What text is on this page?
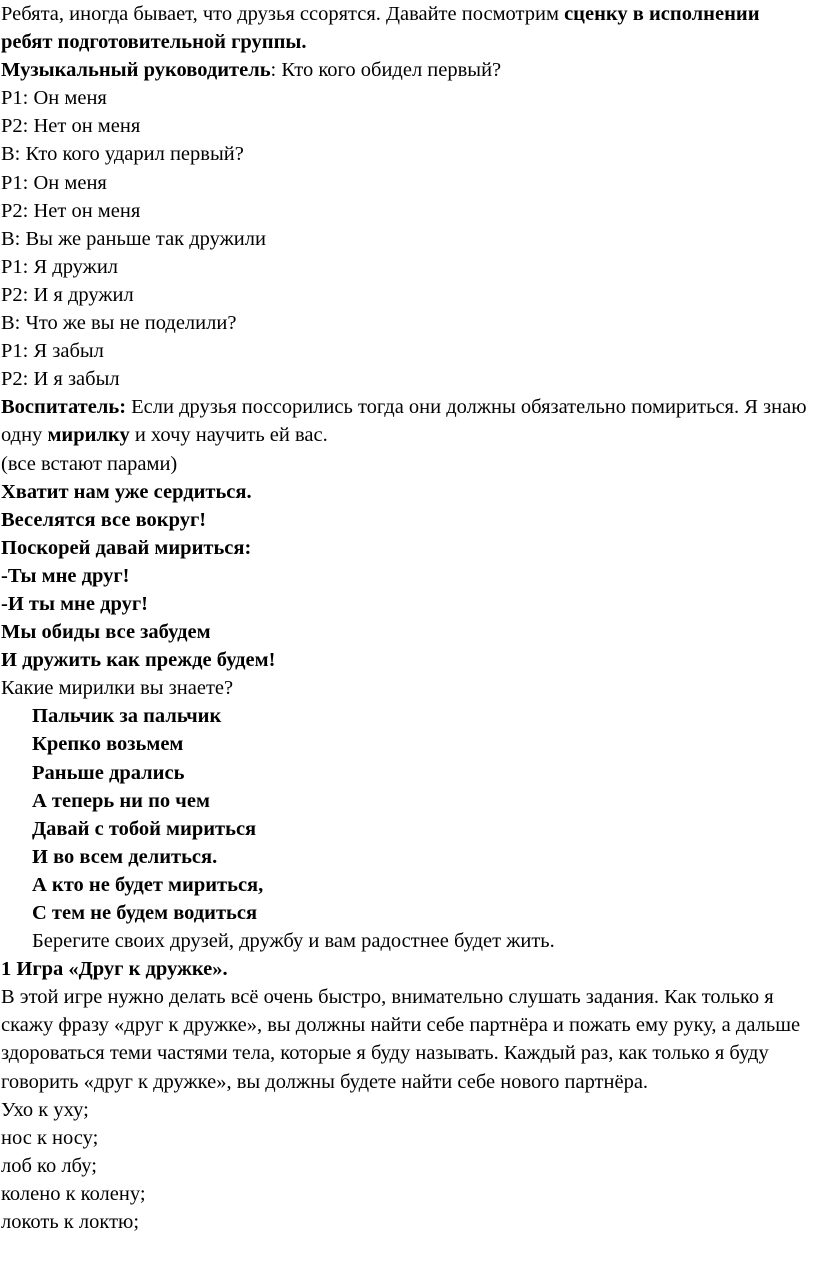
Ребята, иногда бывает, что друзья ссорятся. Давайте посмотрим сценку в исполнении ребят подготовительной группы.
Музыкальный руководитель: Кто кого обидел первый?
Р1: Он меня
Р2: Нет он меня
В: Кто кого ударил первый?
Р1: Он меня
Р2: Нет он меня
В: Вы же раньше так дружили
Р1: Я дружил
Р2: И я дружил
В: Что же вы не поделили?
Р1: Я забыл
Р2: И я забыл
Воспитатель: Если друзья поссорились тогда они должны обязательно помириться. Я знаю одну мирилку и хочу научить ей вас.
(все встают парами)
Хватит нам уже сердиться.
Веселятся все вокруг!
Поскорей давай мириться:
-Ты мне друг!
-И ты мне друг!
Мы обиды все забудем
И дружить как прежде будем!
Какие мирилки вы знаете?
Пальчик за пальчик
Крепко возьмем
Раньше дрались
А теперь ни по чем
Давай с тобой мириться
И во всем делиться.
А кто не будет мириться,
С тем не будем водиться
Берегите своих друзей, дружбу и вам радостнее будет жить.
1 Игра «Друг к дружке».
В этой игре нужно делать всё очень быстро, внимательно слушать задания. Как только я скажу фразу «друг к дружке», вы должны найти себе партнёра и пожать ему руку, а дальше здороваться теми частями тела, которые я буду называть. Каждый раз, как только я буду говорить «друг к дружке», вы должны будете найти себе нового партнёра.
Ухо к уху;
нос к носу;
лоб ко лбу;
колено к колену;
локоть к локтю;
